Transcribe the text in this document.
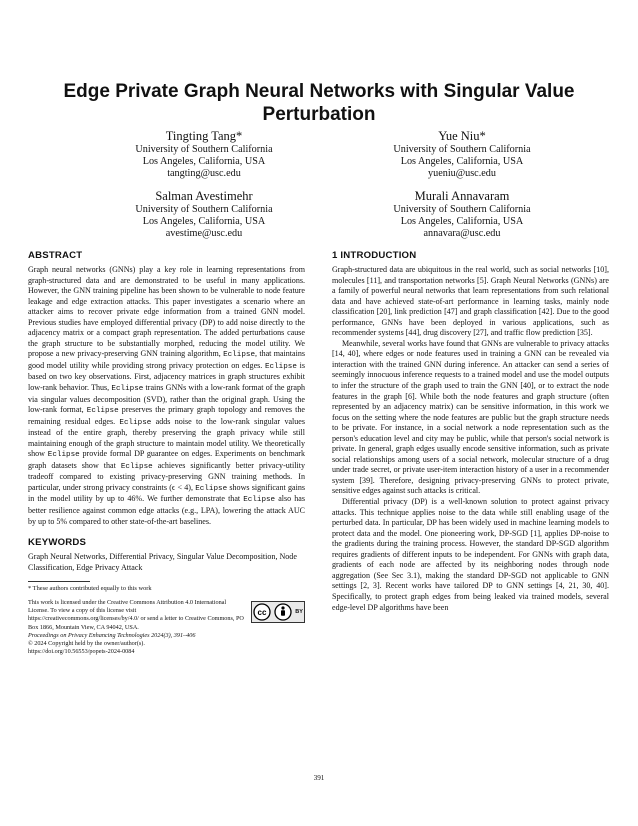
Edge Private Graph Neural Networks with Singular Value Perturbation
Tingting Tang*
University of Southern California
Los Angeles, California, USA
tangting@usc.edu
Yue Niu*
University of Southern California
Los Angeles, California, USA
yueniu@usc.edu
Salman Avestimehr
University of Southern California
Los Angeles, California, USA
avestime@usc.edu
Murali Annavaram
University of Southern California
Los Angeles, California, USA
annavara@usc.edu
ABSTRACT

Graph neural networks (GNNs) play a key role in learning representations from graph-structured data and are demonstrated to be useful in many applications. However, the GNN training pipeline has been shown to be vulnerable to node feature leakage and edge extraction attacks. This paper investigates a scenario where an attacker aims to recover private edge information from a trained GNN model. Previous studies have employed differential privacy (DP) to add noise directly to the adjacency matrix or a compact graph representation. The added perturbations cause the graph structure to be substantially morphed, reducing the model utility. We propose a new privacy-preserving GNN training algorithm, Eclipse, that maintains good model utility while providing strong privacy protection on edges. Eclipse is based on two key observations. First, adjacency matrices in graph structures exhibit low-rank behavior. Thus, Eclipse trains GNNs with a low-rank format of the graph via singular values decomposition (SVD), rather than the original graph. Using the low-rank format, Eclipse preserves the primary graph topology and removes the remaining residual edges. Eclipse adds noise to the low-rank singular values instead of the entire graph, thereby preserving the graph privacy while still maintaining enough of the graph structure to maintain model utility. We theoretically show Eclipse provide formal DP guarantee on edges. Experiments on benchmark graph datasets show that Eclipse achieves significantly better privacy-utility tradeoff compared to existing privacy-preserving GNN training methods. In particular, under strong privacy constraints (ϵ < 4), Eclipse shows significant gains in the model utility by up to 46%. We further demonstrate that Eclipse also has better resilience against common edge attacks (e.g., LPA), lowering the attack AUC by up to 5% compared to other state-of-the-art baselines.

KEYWORDS

Graph Neural Networks, Differential Privacy, Singular Value Decomposition, Node Classification, Edge Privacy Attack

* These authors contributed equally to this work

This work is licensed under the Creative Commons Attribution 4.0 International License. To view a copy of this license visit https://creativecommons.org/licenses/by/4.0/ or send a letter to Creative Commons, PO Box 1866, Mountain View, CA 94042, USA.

Proceedings on Privacy Enhancing Technologies 2024(3), 391–406

© 2024 Copyright held by the owner/author(s).

https://doi.org/10.56553/popets-2024-0084

cc	BY
1 INTRODUCTION

Graph-structured data are ubiquitous in the real world, such as social networks [10], molecules [11], and transportation networks [5]. Graph Neural Networks (GNNs) are a family of powerful neural networks that learn representations from such relational data and have achieved state-of-art performance in learning tasks, mainly node classification [20], link prediction [47] and graph classification [42]. Due to the good performance, GNNs have been deployed in various applications, such as recommender systems [44], drug discovery [27], and traffic flow prediction [35].

Meanwhile, several works have found that GNNs are vulnerable to privacy attacks [14, 40], where edges or node features used in training a GNN can be revealed via interaction with the trained GNN during inference. An attacker can send a series of seemingly innocuous inference requests to a trained model and use the model outputs to infer the structure of the graph used to train the GNN [40], or to extract the node features in the graph [6]. While both the node features and graph structure (often represented by an adjacency matrix) can be sensitive information, in this work we focus on the setting where the node features are public but the graph structure needs to be private. For instance, in a social network a node representation such as the person's education level and city may be public, while that person's social network is private. In general, graph edges usually encode sensitive information, such as private social relationships among users of a social network, molecular structure of a drug under trade secret, or private user-item interaction history of a user in a recommender system [39]. Therefore, designing privacy-preserving GNNs to protect private, sensitive edges against such attacks is critical.

Differential privacy (DP) is a well-known solution to protect against privacy attacks. This technique applies noise to the data while still enabling usage of the perturbed data. In particular, DP has been widely used in machine learning models to protect data and the model. One pioneering work, DP-SGD [1], applies DP-noise to the gradients during the training process. However, the standard DP-SGD algorithm requires gradients of different inputs to be independent. For GNNs with graph data, gradients of each node are affected by its neighboring nodes through node aggregation (See Sec 3.1), making the standard DP-SGD not applicable to GNN settings [2, 3]. Recent works have tailored DP to GNN settings [4, 21, 30, 40]. Specifically, to protect graph edges from being leaked via trained models, several edge-level DP algorithms have been

391
